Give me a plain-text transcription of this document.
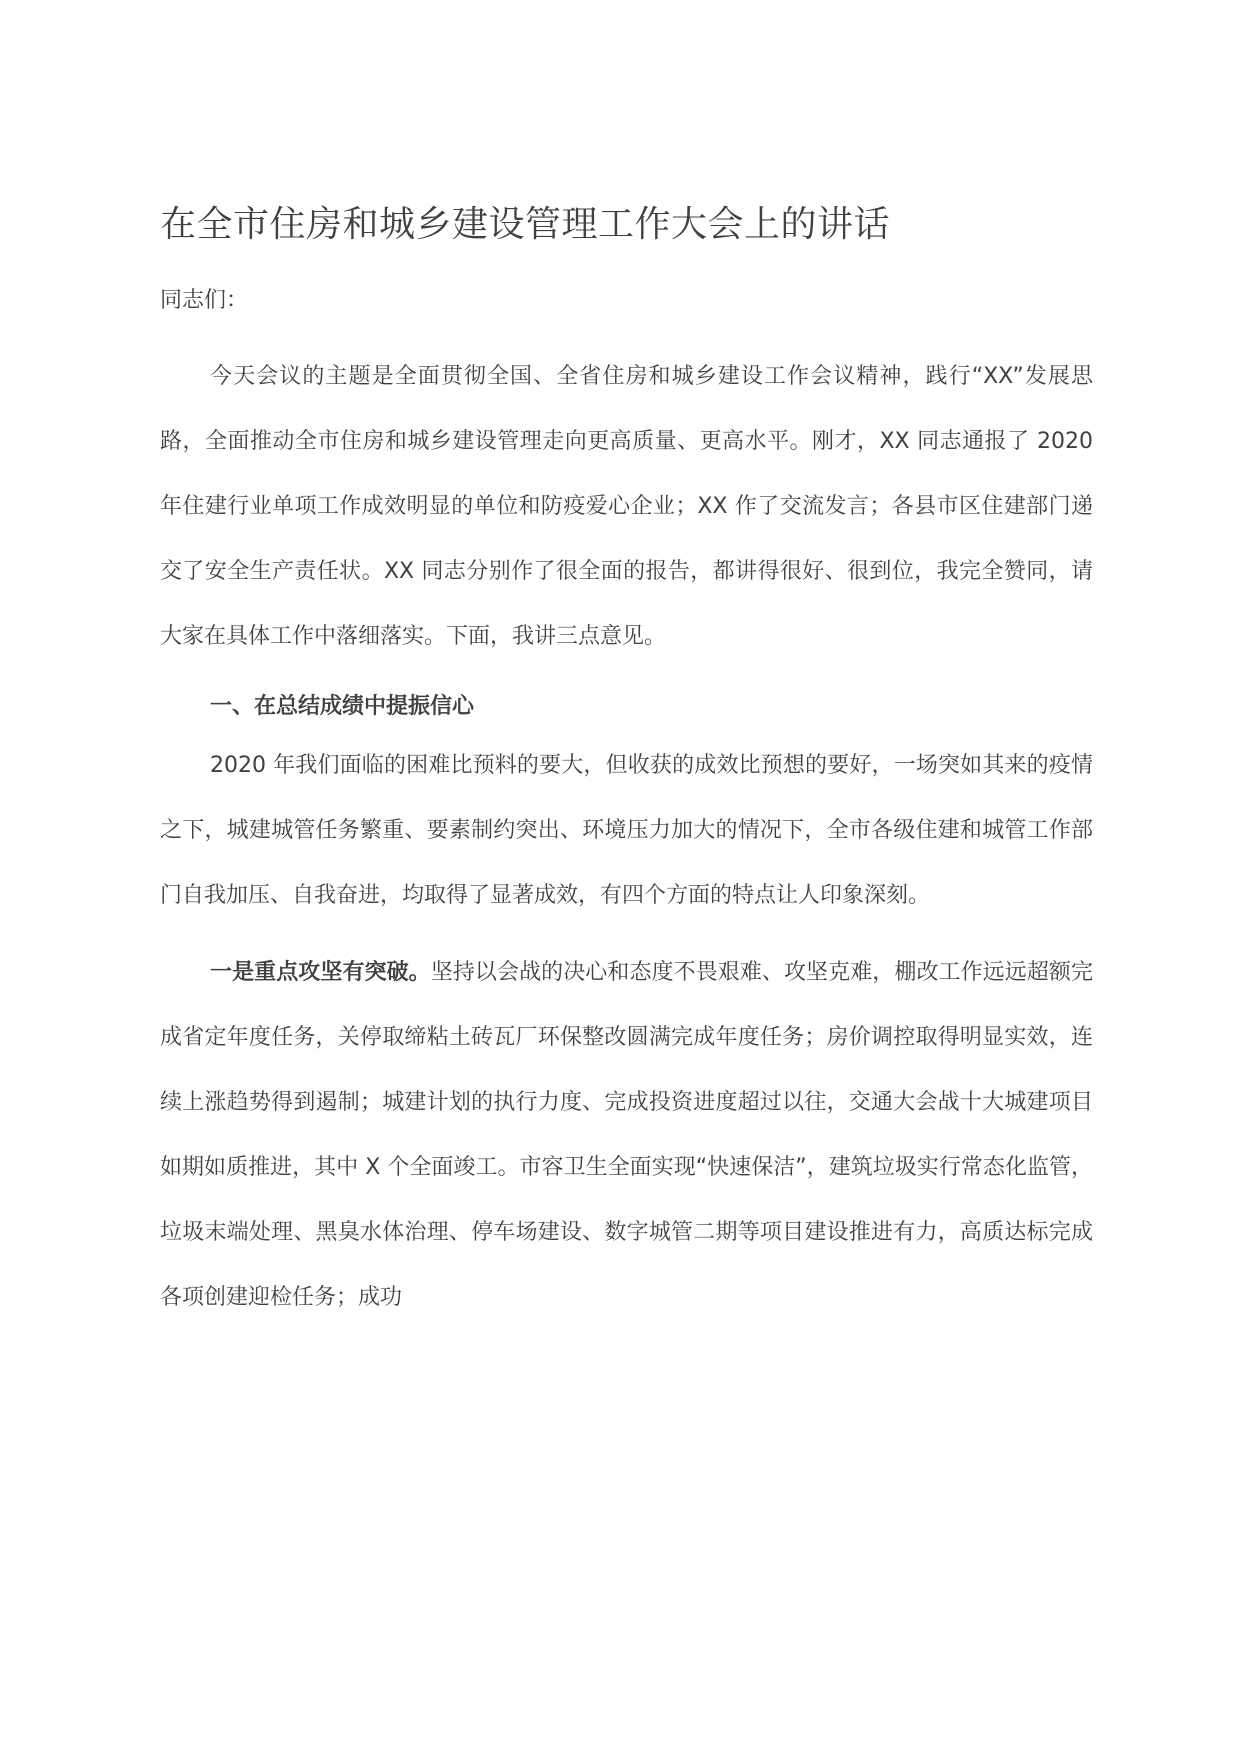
在全市住房和城乡建设管理工作大会上的讲话

同志们：

今天会议的主题是全面贯彻全国、全省住房和城乡建设工作会议精神，践行“XX”发展思路，全面推动全市住房和城乡建设管理走向更高质量、更高水平。刚才，XX 同志通报了 2020 年住建行业单项工作成效明显的单位和防疫爱心企业；XX 作了交流发言；各县市区住建部门递交了安全生产责任状。XX 同志分别作了很全面的报告，都讲得很好、很到位，我完全赞同，请大家在具体工作中落细落实。下面，我讲三点意见。

一、在总结成绩中提振信心

2020 年我们面临的困难比预料的要大，但收获的成效比预想的要好，一场突如其来的疫情之下，城建城管任务繁重、要素制约突出、环境压力加大的情况下，全市各级住建和城管工作部门自我加压、自我奋进，均取得了显著成效，有四个方面的特点让人印象深刻。

一是重点攻坚有突破。坚持以会战的决心和态度不畏艰难、攻坚克难，棚改工作远远超额完成省定年度任务，关停取缔粘土砖瓦厂环保整改圆满完成年度任务；房价调控取得明显实效，连续上涨趋势得到遏制；城建计划的执行力度、完成投资进度超过以往，交通大会战十大城建项目如期如质推进，其中 X 个全面竣工。市容卫生全面实现“快速保洁”，建筑垃圾实行常态化监管，垃圾末端处理、黑臭水体治理、停车场建设、数字城管二期等项目建设推进有力，高质达标完成各项创建迎检任务；成功
